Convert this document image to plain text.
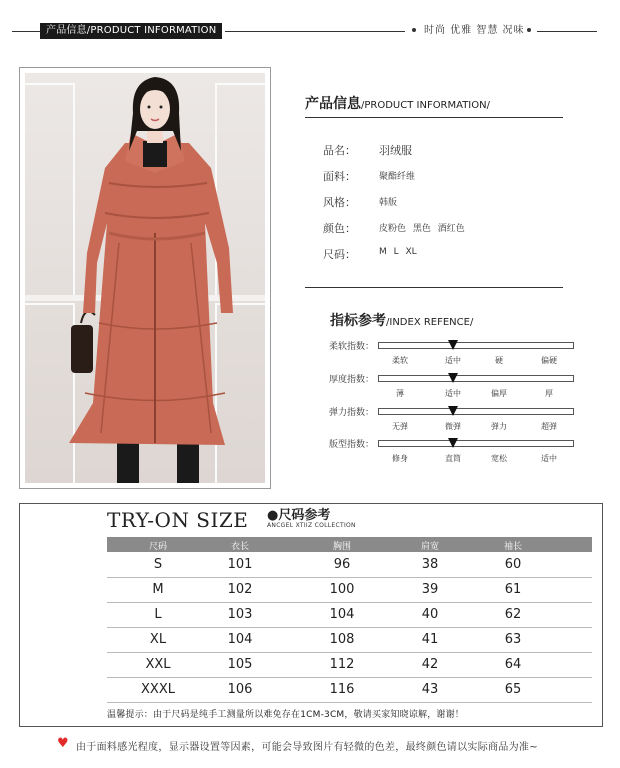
产品信息/PRODUCT INFORMATION	时尚 优雅 智慧 况味
产品信息/PRODUCT INFORMATION/
品名： 羽绒服
面料：	聚酯纤维
风格：	韩版
颜色：	皮粉色 黑色 酒红色
尺码：	M L XL
指标参考/INDEX REFENCE/
柔软指数：
柔软	适中	硬	偏硬
厚度指数：
薄	适中	偏厚	厚
弹力指数：
无弹	微弹	弹力	超弹
版型指数：
修身	直筒	宽松	适中
TRY-ON SIZE ●尺码参考
ANCGEL XTIIZ COLLECTION
尺码	衣长	胸围	肩宽	袖长
S	101	96	38	60
M	102	100	39	61
L	103	104	40	62
XL	104	108	41	63
XXL	105	112	42	64
XXXL	106	116	43	65
温馨提示：由于尺码是纯手工测量所以难免存在1CM-3CM，敬请买家知晓谅解，谢谢！
♥ 由于面料感光程度，显示器设置等因素，可能会导致图片有轻微的色差，最终颜色请以实际商品为准~
